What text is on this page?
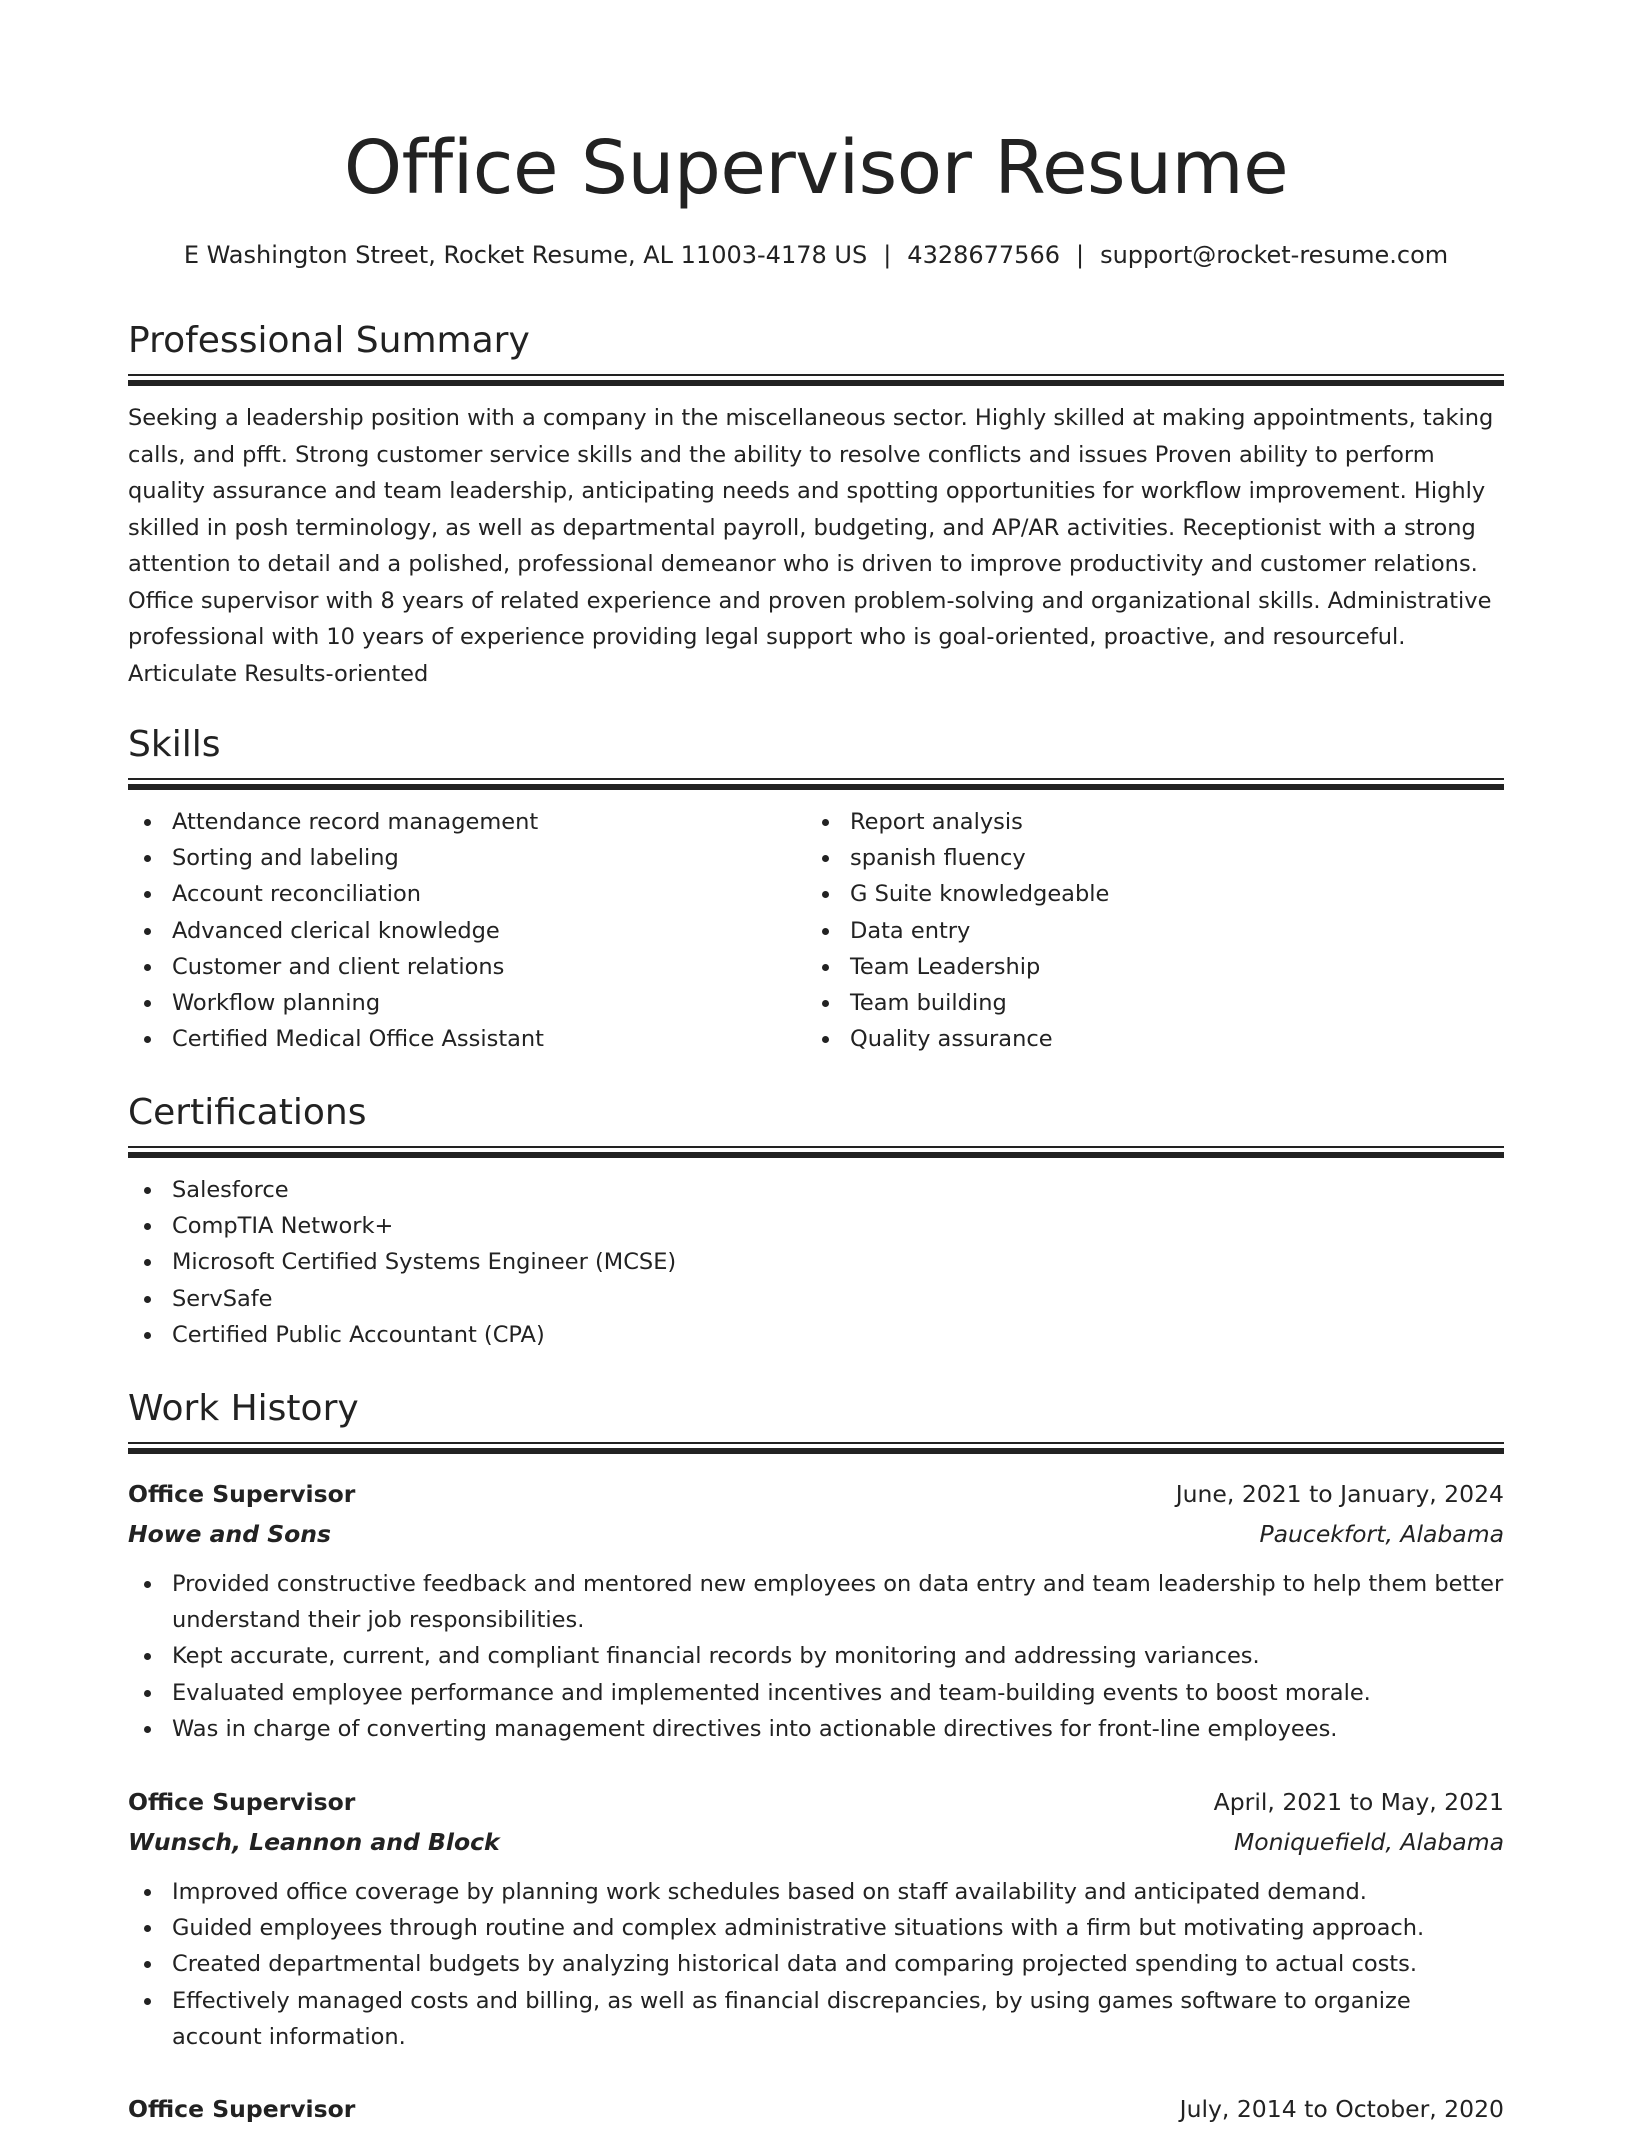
Office Supervisor Resume
E Washington Street, Rocket Resume, AL 11003-4178 US | 4328677566 | support@rocket-resume.com
Professional Summary
Seeking a leadership position with a company in the miscellaneous sector. Highly skilled at making appointments, taking calls, and pfft. Strong customer service skills and the ability to resolve conflicts and issues Proven ability to perform quality assurance and team leadership, anticipating needs and spotting opportunities for workflow improvement. Highly skilled in posh terminology, as well as departmental payroll, budgeting, and AP/AR activities. Receptionist with a strong attention to detail and a polished, professional demeanor who is driven to improve productivity and customer relations. Office supervisor with 8 years of related experience and proven problem-solving and organizational skills. Administrative professional with 10 years of experience providing legal support who is goal-oriented, proactive, and resourceful. Articulate Results-oriented
Skills
Attendance record management
Sorting and labeling
Account reconciliation
Advanced clerical knowledge
Customer and client relations
Workflow planning
Certified Medical Office Assistant
Report analysis
spanish fluency
G Suite knowledgeable
Data entry
Team Leadership
Team building
Quality assurance
Certifications
Salesforce
CompTIA Network+
Microsoft Certified Systems Engineer (MCSE)
ServSafe
Certified Public Accountant (CPA)
Work History
Office Supervisor	June, 2021 to January, 2024
Howe and Sons	Paucekfort, Alabama
Provided constructive feedback and mentored new employees on data entry and team leadership to help them better understand their job responsibilities.
Kept accurate, current, and compliant financial records by monitoring and addressing variances.
Evaluated employee performance and implemented incentives and team-building events to boost morale.
Was in charge of converting management directives into actionable directives for front-line employees.
Office Supervisor	April, 2021 to May, 2021
Wunsch, Leannon and Block	Moniquefield, Alabama
Improved office coverage by planning work schedules based on staff availability and anticipated demand.
Guided employees through routine and complex administrative situations with a firm but motivating approach.
Created departmental budgets by analyzing historical data and comparing projected spending to actual costs.
Effectively managed costs and billing, as well as financial discrepancies, by using games software to organize account information.
Office Supervisor	July, 2014 to October, 2020
